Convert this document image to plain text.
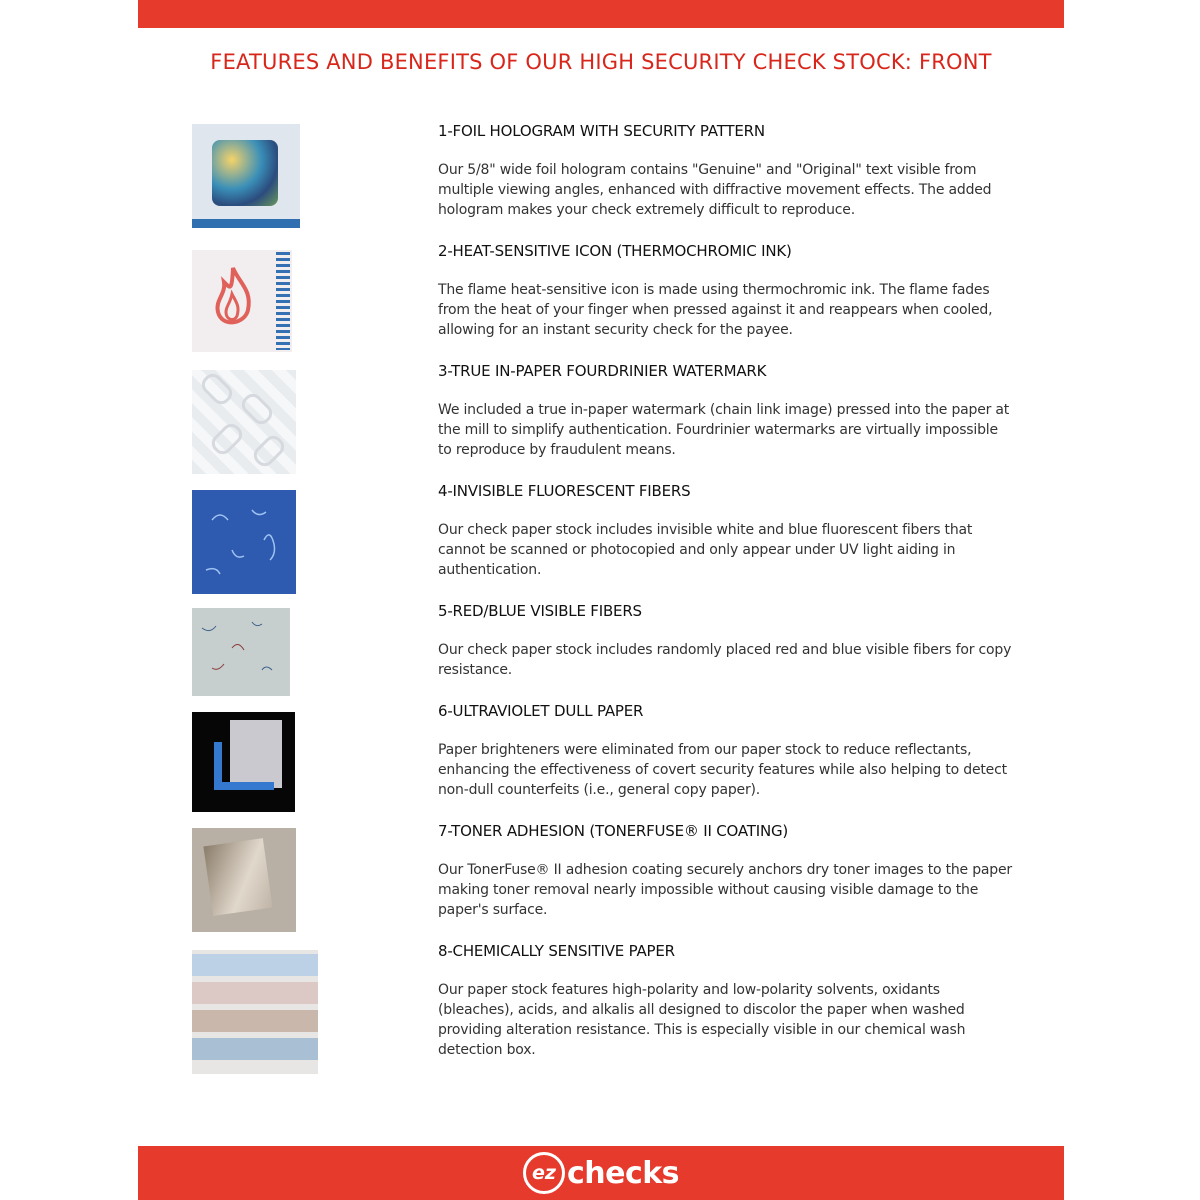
FEATURES AND BENEFITS OF OUR HIGH SECURITY CHECK STOCK: FRONT

1-FOIL HOLOGRAM WITH SECURITY PATTERN

Our 5/8" wide foil hologram contains "Genuine" and "Original" text visible from multiple viewing angles, enhanced with diffractive movement effects. The added hologram makes your check extremely difficult to reproduce.

2-HEAT-SENSITIVE ICON (THERMOCHROMIC INK)

The flame heat-sensitive icon is made using thermochromic ink. The flame fades from the heat of your finger when pressed against it and reappears when cooled, allowing for an instant security check for the payee.

3-TRUE IN-PAPER FOURDRINIER WATERMARK

We included a true in-paper watermark (chain link image) pressed into the paper at the mill to simplify authentication. Fourdrinier watermarks are virtually impossible to reproduce by fraudulent means.

4-INVISIBLE FLUORESCENT FIBERS

Our check paper stock includes invisible white and blue fluorescent fibers that cannot be scanned or photocopied and only appear under UV light aiding in authentication.

5-RED/BLUE VISIBLE FIBERS

Our check paper stock includes randomly placed red and blue visible fibers for copy resistance.

6-ULTRAVIOLET DULL PAPER

Paper brighteners were eliminated from our paper stock to reduce reflectants, enhancing the effectiveness of covert security features while also helping to detect non-dull counterfeits (i.e., general copy paper).

7-TONER ADHESION (TONERFUSE® II COATING)

Our TonerFuse® II adhesion coating securely anchors dry toner images to the paper making toner removal nearly impossible without causing visible damage to the paper's surface.

8-CHEMICALLY SENSITIVE PAPER

Our paper stock features high-polarity and low-polarity solvents, oxidants (bleaches), acids, and alkalis all designed to discolor the paper when washed providing alteration resistance. This is especially visible in our chemical wash detection box.

ez checks
